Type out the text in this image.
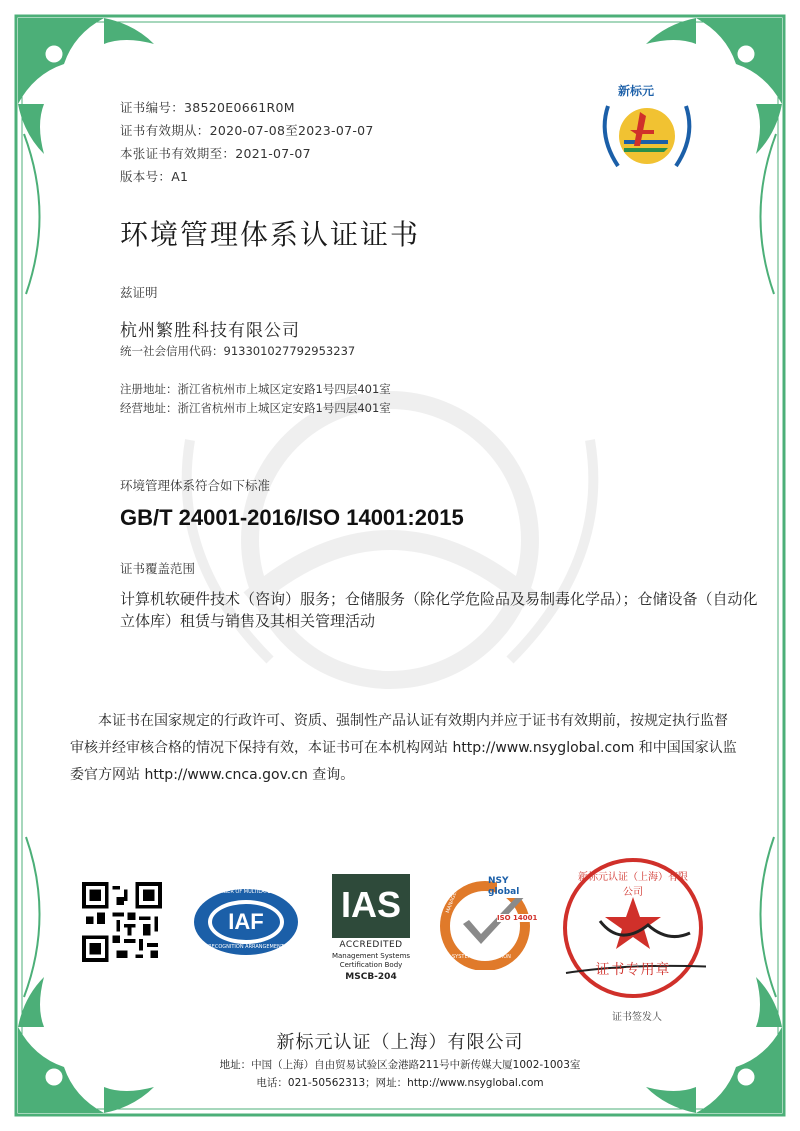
新标元
证书编号：38520E0661R0M
证书有效期从：2020-07-08至2023-07-07
本张证书有效期至：2021-07-07
版本号：A1
环境管理体系认证证书
兹证明
杭州繁胜科技有限公司
统一社会信用代码：913301027792953237
注册地址：浙江省杭州市上城区定安路1号四层401室
经营地址：浙江省杭州市上城区定安路1号四层401室
环境管理体系符合如下标准
GB/T 24001-2016/ISO 14001:2015
证书覆盖范围
计算机软硬件技术（咨询）服务；仓储服务（除化学危险品及易制毒化学品）；仓储设备（自动化立体库）租赁与销售及其相关管理活动
本证书在国家规定的行政许可、资质、强制性产品认证有效期内并应于证书有效期前，按规定执行监督审核并经审核合格的情况下保持有效，本证书可在本机构网站 http://www.nsyglobal.com 和中国国家认监委官方网站 http://www.cnca.gov.cn 查询。
IAF
MEMBER OF MULTILATERAL
RECOGNITION ARRANGEMENT
IAS
ACCREDITED
Management Systems
Certification Body
MSCB-204
NSY
global
ISO 14001
MANAGEMENT
SYSTEM CERTIFICATION
新标元认证（上海）有限公司
证书专用章
证书签发人
新标元认证（上海）有限公司
地址：中国（上海）自由贸易试验区金港路211号中新传媒大厦1002-1003室
电话：021-50562313；网址：http://www.nsyglobal.com
